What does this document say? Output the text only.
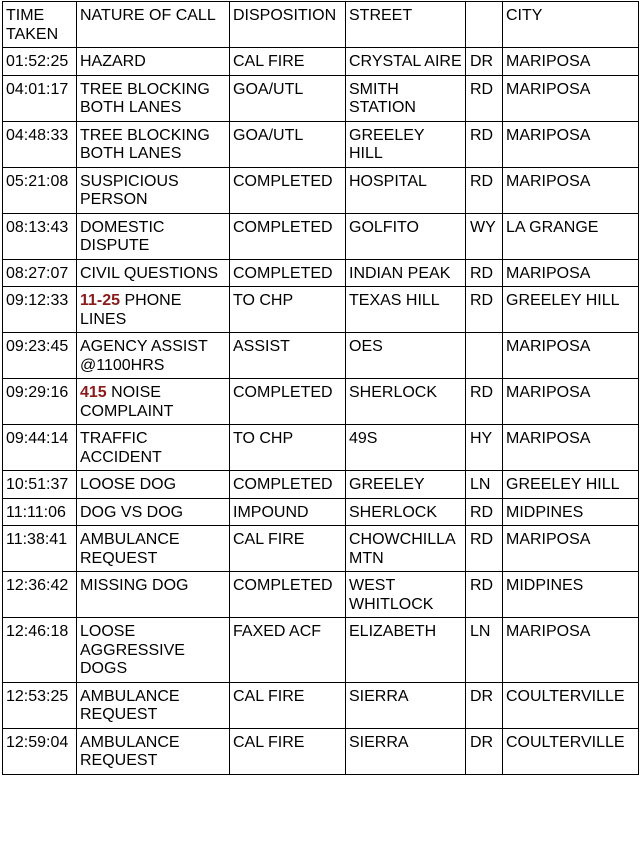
TIME TAKEN	NATURE OF CALL	DISPOSITION	STREET		CITY
01:52:25	HAZARD	CAL FIRE	CRYSTAL AIRE	DR	MARIPOSA
04:01:17	TREE BLOCKING BOTH LANES	GOA/UTL	SMITH STATION	RD	MARIPOSA
04:48:33	TREE BLOCKING BOTH LANES	GOA/UTL	GREELEY HILL	RD	MARIPOSA
05:21:08	SUSPICIOUS PERSON	COMPLETED	HOSPITAL	RD	MARIPOSA
08:13:43	DOMESTIC DISPUTE	COMPLETED	GOLFITO	WY	LA GRANGE
08:27:07	CIVIL QUESTIONS	COMPLETED	INDIAN PEAK	RD	MARIPOSA
09:12:33	11-25 PHONE LINES	TO CHP	TEXAS HILL	RD	GREELEY HILL
09:23:45	AGENCY ASSIST @1100HRS	ASSIST	OES		MARIPOSA
09:29:16	415 NOISE COMPLAINT	COMPLETED	SHERLOCK	RD	MARIPOSA
09:44:14	TRAFFIC ACCIDENT	TO CHP	49S	HY	MARIPOSA
10:51:37	LOOSE DOG	COMPLETED	GREELEY	LN	GREELEY HILL
11:11:06	DOG VS DOG	IMPOUND	SHERLOCK	RD	MIDPINES
11:38:41	AMBULANCE REQUEST	CAL FIRE	CHOWCHILLA MTN	RD	MARIPOSA
12:36:42	MISSING DOG	COMPLETED	WEST WHITLOCK	RD	MIDPINES
12:46:18	LOOSE AGGRESSIVE DOGS	FAXED ACF	ELIZABETH	LN	MARIPOSA
12:53:25	AMBULANCE REQUEST	CAL FIRE	SIERRA	DR	COULTERVILLE
12:59:04	AMBULANCE REQUEST	CAL FIRE	SIERRA	DR	COULTERVILLE
